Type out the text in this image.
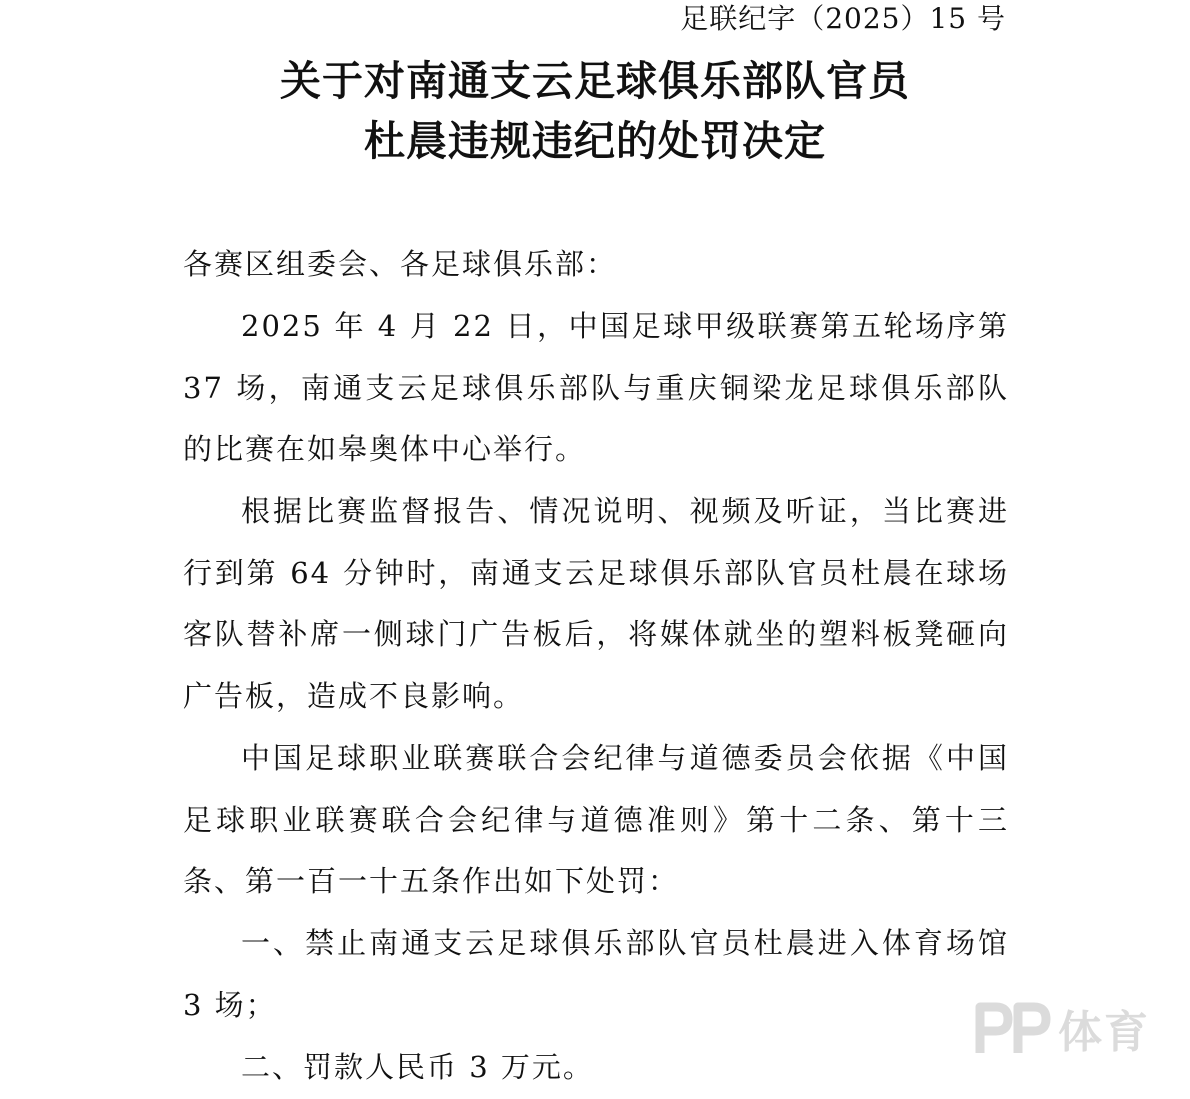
足联纪字（2025）15 号
关于对南通支云足球俱乐部队官员
杜晨违规违纪的处罚决定
各赛区组委会、各足球俱乐部：

2025 年 4 月 22 日，中国足球甲级联赛第五轮场序第 37 场，南通支云足球俱乐部队与重庆铜梁龙足球俱乐部队的比赛在如皋奥体中心举行。

根据比赛监督报告、情况说明、视频及听证，当比赛进行到第 64 分钟时，南通支云足球俱乐部队官员杜晨在球场客队替补席一侧球门广告板后，将媒体就坐的塑料板凳砸向广告板，造成不良影响。

中国足球职业联赛联合会纪律与道德委员会依据《中国足球职业联赛联合会纪律与道德准则》第十二条、第十三条、第一百一十五条作出如下处罚：

一、禁止南通支云足球俱乐部队官员杜晨进入体育场馆 3 场；

二、罚款人民币 3 万元。

体育
